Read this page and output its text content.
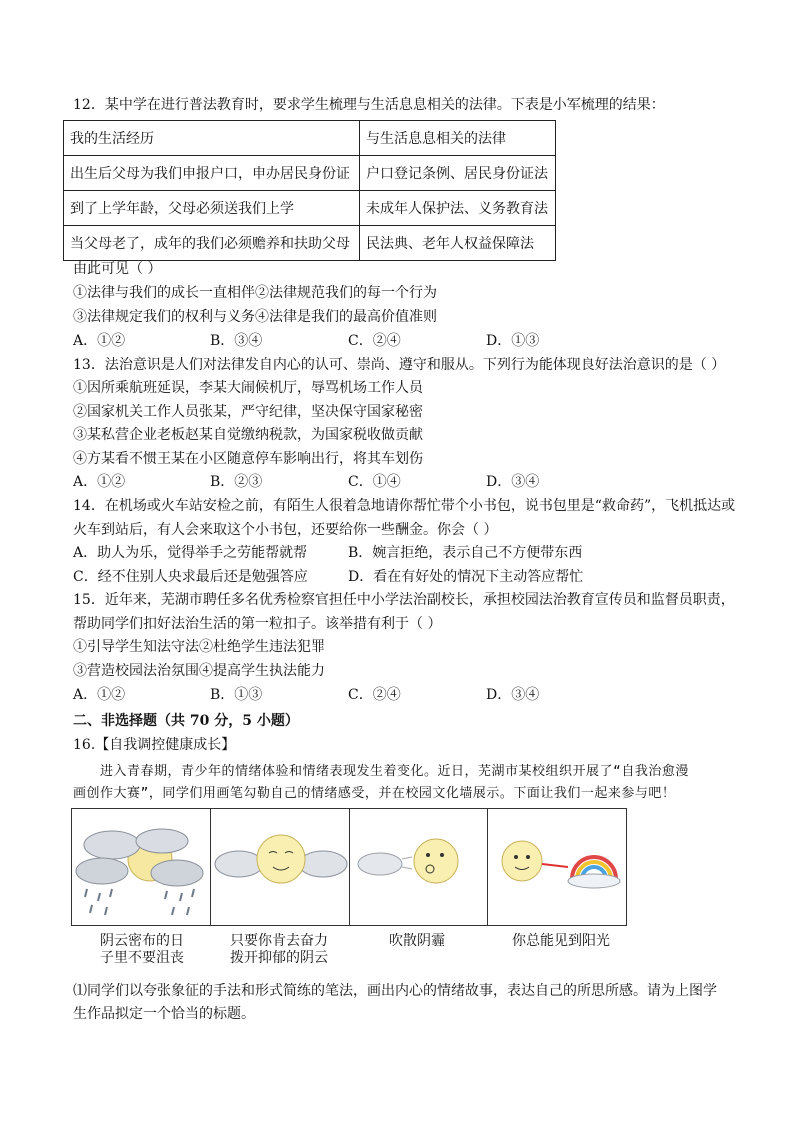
12．某中学在进行普法教育时，要求学生梳理与生活息息相关的法律。下表是小军梳理的结果：
我的生活经历	与生活息息相关的法律
出生后父母为我们申报户口，申办居民身份证	户口登记条例、居民身份证法
到了上学年龄，父母必须送我们上学	未成年人保护法、义务教育法
当父母老了，成年的我们必须赡养和扶助父母	民法典、老年人权益保障法
由此可见（ ）
①法律与我们的成长一直相伴②法律规范我们的每一个行为
③法律规定我们的权利与义务④法律是我们的最高价值准则
A．①②	B．③④	C．②④	D．①③
13．法治意识是人们对法律发自内心的认可、崇尚、遵守和服从。下列行为能体现良好法治意识的是（ ）
①因所乘航班延误，李某大闹候机厅，辱骂机场工作人员
②国家机关工作人员张某，严守纪律，坚决保守国家秘密
③某私营企业老板赵某自觉缴纳税款，为国家税收做贡献
④方某看不惯王某在小区随意停车影响出行，将其车划伤
A．①②	B．②③	C．①④	D．③④
14．在机场或火车站安检之前，有陌生人很着急地请你帮忙带个小书包，说书包里是“救命药”，飞机抵达或
火车到站后，有人会来取这个小书包，还要给你一些酬金。你会（ ）
A．助人为乐，觉得举手之劳能帮就帮	B．婉言拒绝，表示自己不方便带东西
C．经不住别人央求最后还是勉强答应	D．看在有好处的情况下主动答应帮忙
15．近年来，芜湖市聘任多名优秀检察官担任中小学法治副校长，承担校园法治教育宣传员和监督员职责，
帮助同学们扣好法治生活的第一粒扣子。该举措有利于（ ）
①引导学生知法守法②杜绝学生违法犯罪
③营造校园法治氛围④提高学生执法能力
A．①②	B．①③	C．②④	D．③④
二、非选择题（共 70 分，5 小题）
16.【自我调控健康成长】
进入青春期，青少年的情绪体验和情绪表现发生着变化。近日，芜湖市某校组织开展了“自我治愈漫
画创作大赛”，同学们用画笔勾勒自己的情绪感受，并在校园文化墙展示。下面让我们一起来参与吧！
阴云密布的日
子里不要沮丧
只要你肯去奋力
拨开抑郁的阴云
吹散阴霾	你总能见到阳光
⑴同学们以夸张象征的手法和形式简练的笔法，画出内心的情绪故事，表达自己的所思所感。请为上图学
生作品拟定一个恰当的标题。
